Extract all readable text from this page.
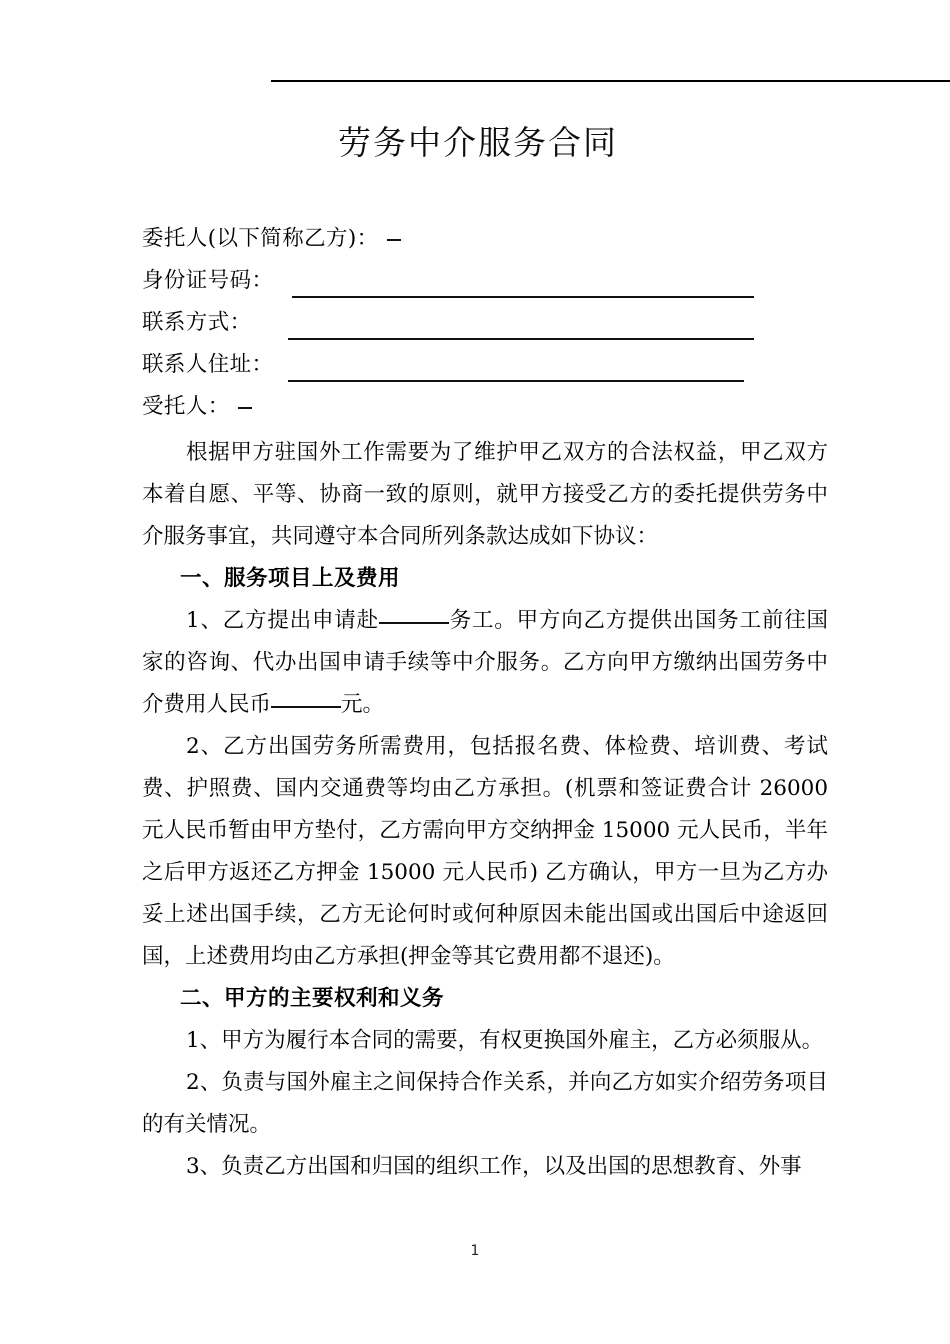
劳务中介服务合同
委托人(以下简称乙方)：
身份证号码：
联系方式：
联系人住址：
受托人：

根据甲方驻国外工作需要为了维护甲乙双方的合法权益，甲乙双方本着自愿、平等、协商一致的原则，就甲方接受乙方的委托提供劳务中介服务事宜，共同遵守本合同所列条款达成如下协议：

一、服务项目上及费用

1、乙方提出申请赴	务工。甲方向乙方提供出国务工前往国家的咨询、代办出国申请手续等中介服务。乙方向甲方缴纳出国劳务中介费用人民币	元。

2、乙方出国劳务所需费用，包括报名费、体检费、培训费、考试费、护照费、国内交通费等均由乙方承担。(机票和签证费合计 26000 元人民币暂由甲方垫付，乙方需向甲方交纳押金 15000 元人民币，半年之后甲方返还乙方押金 15000 元人民币) 乙方确认，甲方一旦为乙方办妥上述出国手续，乙方无论何时或何种原因未能出国或出国后中途返回国，上述费用均由乙方承担(押金等其它费用都不退还)。

二、甲方的主要权利和义务

1、甲方为履行本合同的需要，有权更换国外雇主，乙方必须服从。

2、负责与国外雇主之间保持合作关系，并向乙方如实介绍劳务项目的有关情况。

3、负责乙方出国和归国的组织工作，以及出国的思想教育、外事

1
